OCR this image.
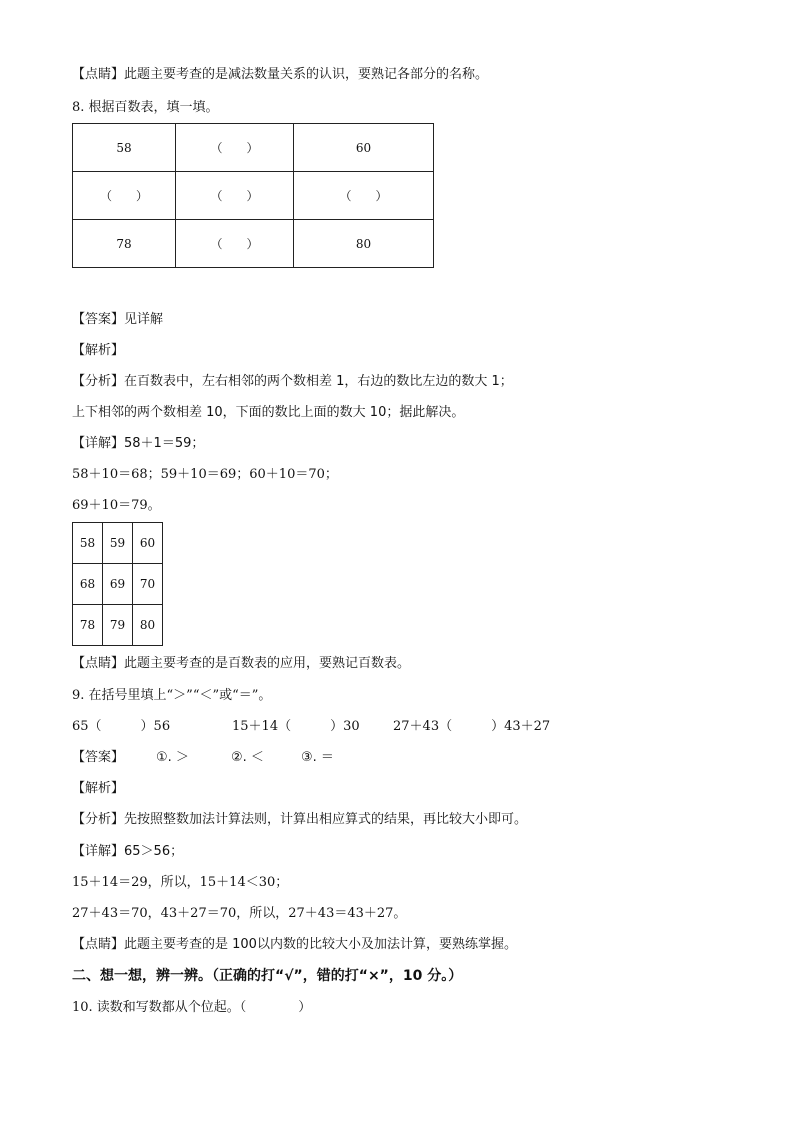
【点睛】此题主要考查的是减法数量关系的认识，要熟记各部分的名称。
8. 根据百数表，填一填。
58	（　　）	60
（　　）	（　　）	（　　）
78	（　　）	80
【答案】见详解
【解析】
【分析】在百数表中，左右相邻的两个数相差 1，右边的数比左边的数大 1；
上下相邻的两个数相差 10，下面的数比上面的数大 10；据此解决。
【详解】58＋1＝59；
58＋10＝68；59＋10＝69；60＋10＝70；
69＋10＝79。
58	59	60
68	69	70
78	79	80
【点睛】此题主要考查的是百数表的应用，要熟记百数表。
9. 在括号里填上“＞”“＜”或“＝”。
65（　　　）56	15＋14（　　　）30	27＋43（　　　）43＋27
【答案】 ①. ＞	②. ＜	③. ＝
【解析】
【分析】先按照整数加法计算法则，计算出相应算式的结果，再比较大小即可。
【详解】65＞56；
15＋14＝29，所以，15＋14＜30；
27＋43＝70，43＋27＝70，所以，27＋43＝43＋27。
【点睛】此题主要考查的是 100以内数的比较大小及加法计算，要熟练掌握。
二、想一想，辨一辨。（正确的打“√”，错的打“×”，10 分。）
10. 读数和写数都从个位起。（　　　　）
